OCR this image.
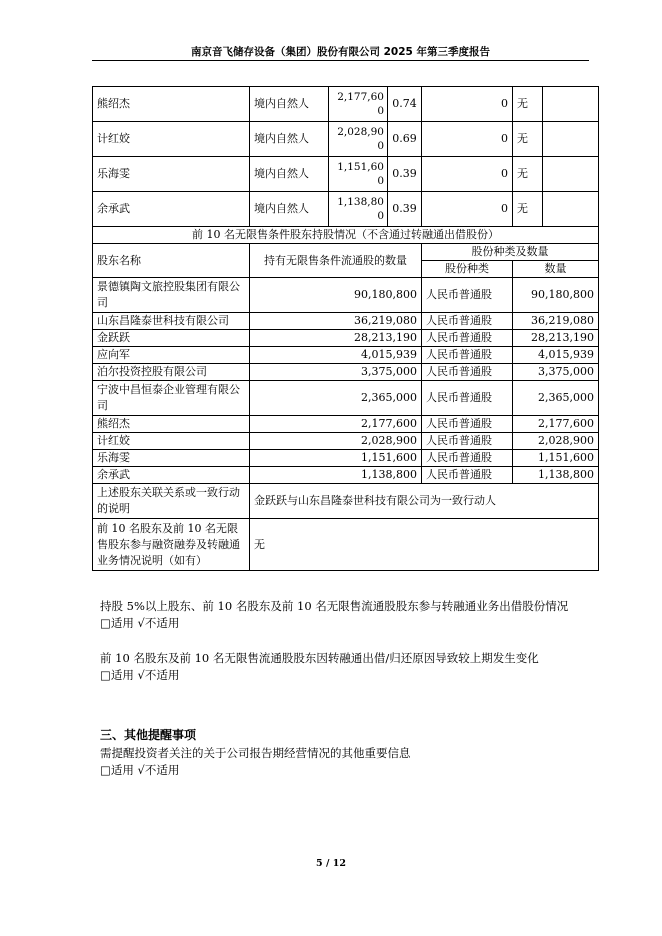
南京音飞储存设备（集团）股份有限公司 2025 年第三季度报告
熊绍杰	境内自然人	2,177,600	0.74	0	无	
计红姣	境内自然人	2,028,900	0.69	0	无	
乐海雯	境内自然人	1,151,600	0.39	0	无	
余承武	境内自然人	1,138,800	0.39	0	无	
前 10 名无限售条件股东持股情况（不含通过转融通出借股份）			
股东名称	持有无限售条件流通股的数量	股份种类及数量	
		股份种类	数量
景德镇陶文旅控股集团有限公司	90,180,800	人民币普通股	90,180,800
山东昌隆泰世科技有限公司	36,219,080	人民币普通股	36,219,080
金跃跃	28,213,190	人民币普通股	28,213,190
应向军	4,015,939	人民币普通股	4,015,939
泊尔投资控股有限公司	3,375,000	人民币普通股	3,375,000
宁波中昌恒泰企业管理有限公司	2,365,000	人民币普通股	2,365,000
熊绍杰	2,177,600	人民币普通股	2,177,600
计红姣	2,028,900	人民币普通股	2,028,900
乐海雯	1,151,600	人民币普通股	1,151,600
余承武	1,138,800	人民币普通股	1,138,800
上述股东关联关系或一致行动的说明	金跃跃与山东昌隆泰世科技有限公司为一致行动人		
前 10 名股东及前 10 名无限售股东参与融资融券及转融通业务情况说明（如有）	无		
持股 5%以上股东、前 10 名股东及前 10 名无限售流通股股东参与转融通业务出借股份情况
□适用 √不适用
前 10 名股东及前 10 名无限售流通股股东因转融通出借/归还原因导致较上期发生变化
□适用 √不适用
三、其他提醒事项
需提醒投资者关注的关于公司报告期经营情况的其他重要信息
□适用 √不适用
5 / 12
